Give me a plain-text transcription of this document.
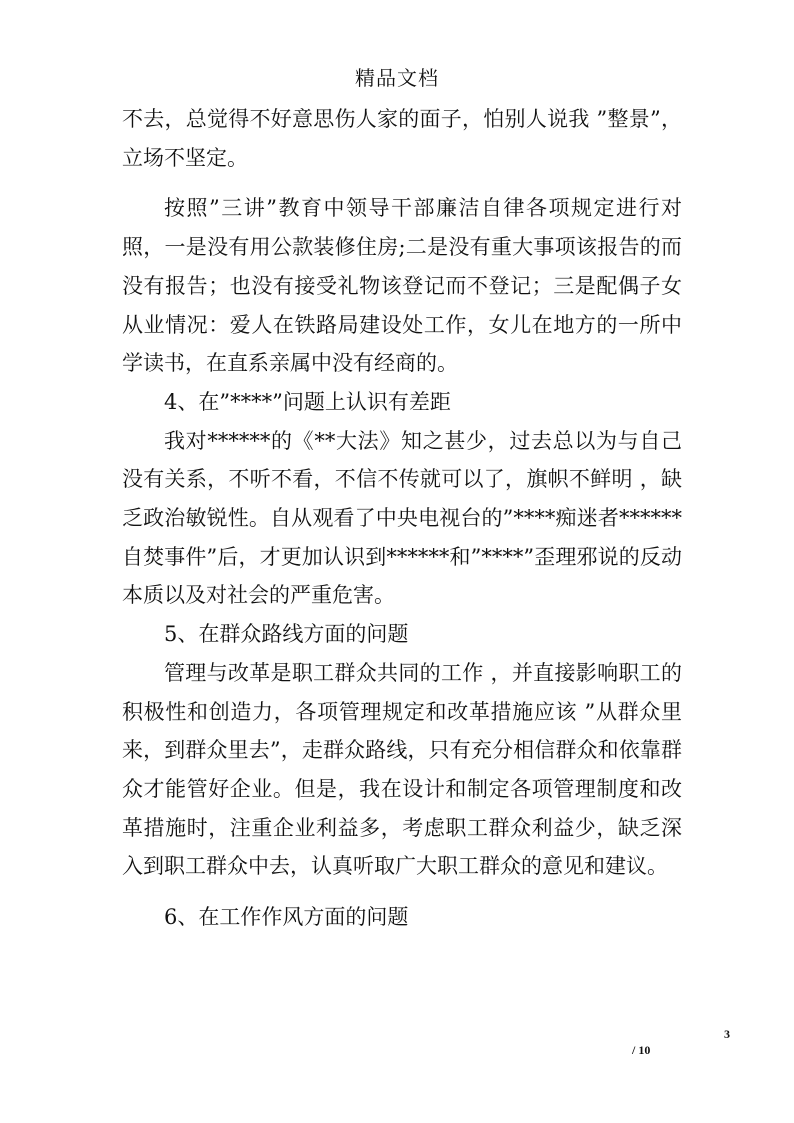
精品文档

不去，总觉得不好意思伤人家的面子，怕别人说我 ”整景”，立场不坚定。

按照”三讲”教育中领导干部廉洁自律各项规定进行对照，一是没有用公款装修住房;二是没有重大事项该报告的而没有报告；也没有接受礼物该登记而不登记；三是配偶子女从业情况：爱人在铁路局建设处工作，女儿在地方的一所中学读书，在直系亲属中没有经商的。

4、在”****”问题上认识有差距

我对******的《**大法》知之甚少，过去总以为与自己没有关系，不听不看，不信不传就可以了，旗帜不鲜明 ，缺乏政治敏锐性。自从观看了中央电视台的”****痴迷者******自焚事件”后，才更加认识到******和”****”歪理邪说的反动本质以及对社会的严重危害。

5、在群众路线方面的问题

管理与改革是职工群众共同的工作 ，并直接影响职工的积极性和创造力，各项管理规定和改革措施应该 ”从群众里来，到群众里去”，走群众路线，只有充分相信群众和依靠群众才能管好企业。但是，我在设计和制定各项管理制度和改革措施时，注重企业利益多，考虑职工群众利益少，缺乏深入到职工群众中去，认真听取广大职工群众的意见和建议。

6、在工作作风方面的问题

3
/ 10
